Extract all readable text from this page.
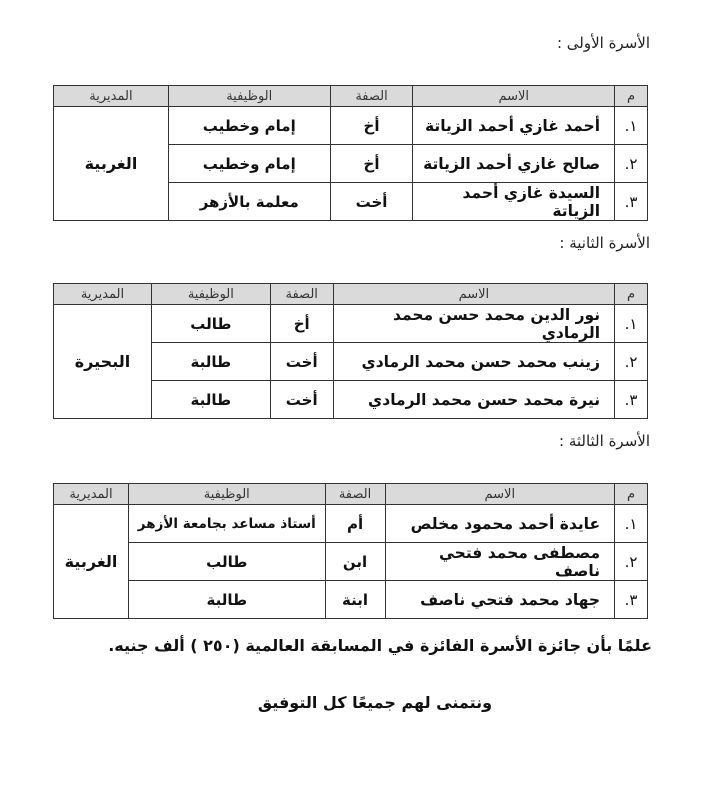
الأسرة الأولى :
م	الاسم	الصفة	الوظيفية	المديرية
١.	أحمد غازي أحمد الزياتة	أخ	إمام وخطيب	الغربية
٢.	صالح غازي أحمد الزياتة	أخ	إمام وخطيب	
٣.	السيدة غازي أحمد الزياتة	أخت	معلمة بالأزهر	
الأسرة الثانية :
م	الاسم	الصفة	الوظيفية	المديرية
١.	نور الدين محمد حسن محمد الرمادي	أخ	طالب	البحيرة
٢.	زينب محمد حسن محمد الرمادي	أخت	طالبة	
٣.	نيرة محمد حسن محمد الرمادي	أخت	طالبة	
الأسرة الثالثة :
م	الاسم	الصفة	الوظيفية	المديرية
١.	عايدة أحمد محمود مخلص	أم	أستاذ مساعد بجامعة الأزهر	الغربية
٢.	مصطفى محمد فتحي ناصف	ابن	طالب	
٣.	جهاد محمد فتحي ناصف	ابنة	طالبة	
علمًا بأن جائزة الأسرة الفائزة في المسابقة العالمية (٢٥٠ ) ألف جنيه.
ونتمنى لهم جميعًا كل التوفيق
